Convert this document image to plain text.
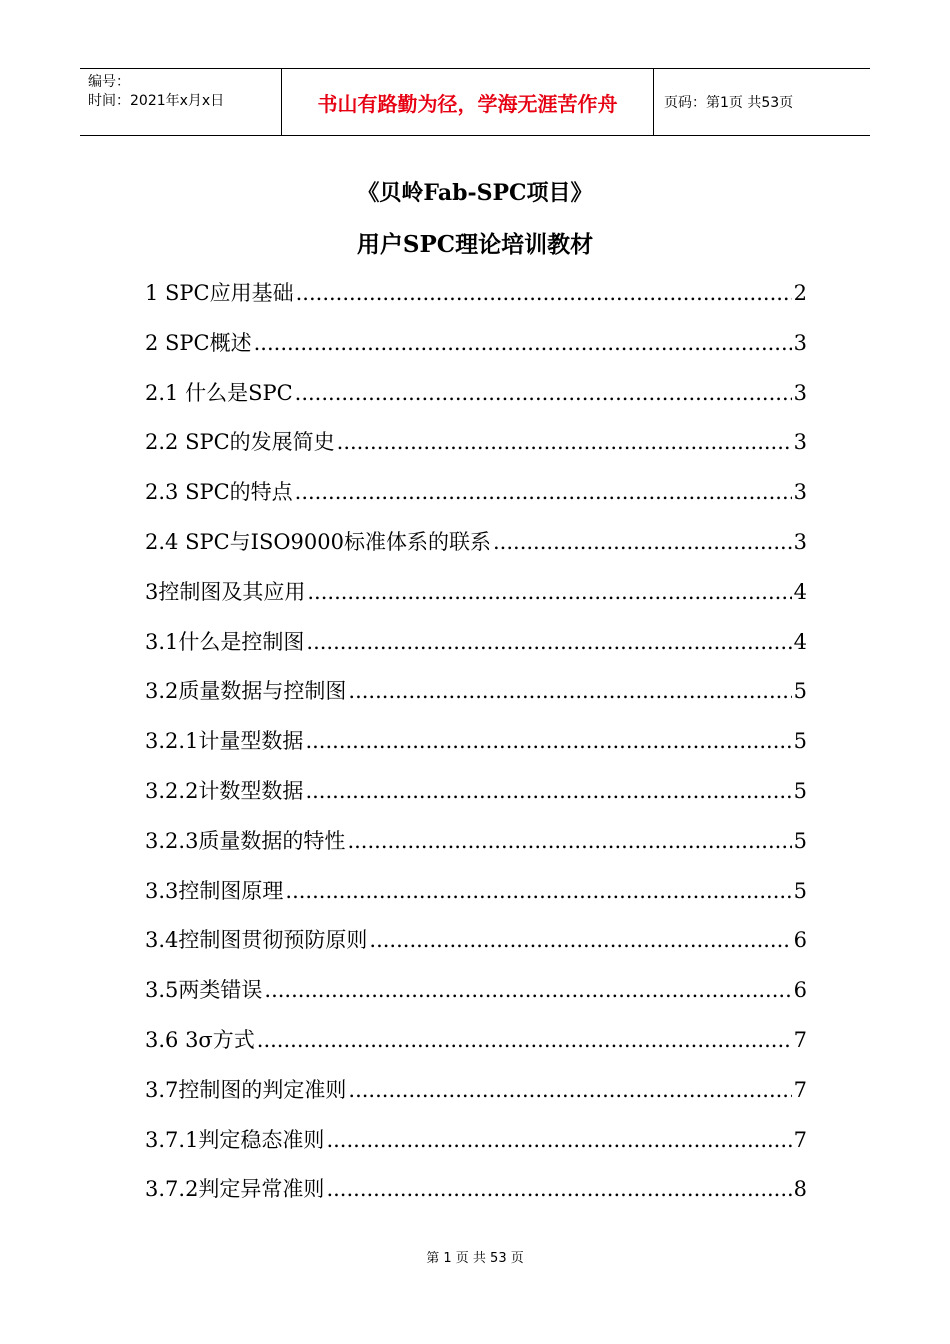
编号：
时间：2021年x月x日	书山有路勤为径，学海无涯苦作舟	页码：第1页 共53页
《贝岭Fab-SPC项目》
用户SPC理论培训教材
1 SPC应用基础 .....	2
2 SPC概述 .....	3
2.1 什么是SPC .....	3
2.2 SPC的发展简史 .....	3
2.3 SPC的特点 .....	3
2.4 SPC与ISO9000标准体系的联系 .....	3
3控制图及其应用 .....	4
3.1什么是控制图 .....	4
3.2质量数据与控制图 .....	5
3.2.1计量型数据 .....	5
3.2.2计数型数据 .....	5
3.2.3质量数据的特性 .....	5
3.3控制图原理 .....	5
3.4控制图贯彻预防原则 .....	6
3.5两类错误 .....	6
3.6 3σ方式 .....	7
3.7控制图的判定准则 .....	7
3.7.1判定稳态准则 .....	7
3.7.2判定异常准则 .....	8
第 1 页 共 53 页
